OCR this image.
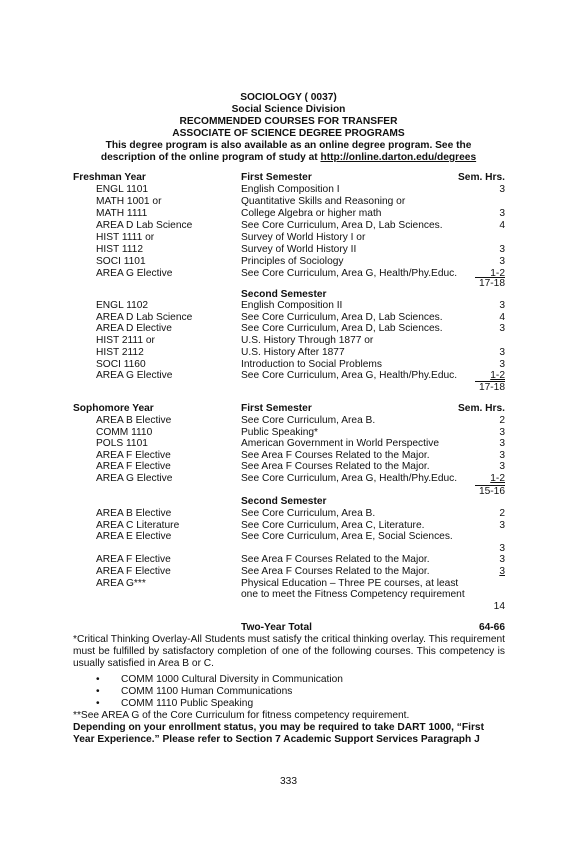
SOCIOLOGY ( 0037)
Social Science Division
RECOMMENDED COURSES FOR TRANSFER
ASSOCIATE OF SCIENCE DEGREE PROGRAMS
This degree program is also available as an online degree program. See the
description of the online program of study at http://online.darton.edu/degrees
Freshman Year	First Semester	Sem. Hrs.
ENGL 1101	English Composition I	3
MATH 1001 or	Quantitative Skills and Reasoning or
MATH 1111	College Algebra or higher math	3
AREA D Lab Science	See Core Curriculum, Area D, Lab Sciences.	4
HIST 1111 or	Survey of World History I or
HIST 1112	Survey of World History II	3
SOCI 1101	Principles of Sociology	3
AREA G Elective	See Core Curriculum, Area G, Health/Phy.Educ.	1-2
17-18
Second Semester
ENGL 1102	English Composition II	3
AREA D Lab Science	See Core Curriculum, Area D, Lab Sciences.	4
AREA D Elective	See Core Curriculum, Area D, Lab Sciences.	3
HIST 2111 or	U.S. History Through 1877 or
HIST 2112	U.S. History After 1877	3
SOCI 1160	Introduction to Social Problems	3
AREA G Elective	See Core Curriculum, Area G, Health/Phy.Educ.	1-2
17-18
Sophomore Year	First Semester	Sem. Hrs.
AREA B Elective	See Core Curriculum, Area B.	2
COMM 1110	Public Speaking*	3
POLS 1101	American Government in World Perspective	3
AREA F Elective	See Area F Courses Related to the Major.	3
AREA F Elective	See Area F Courses Related to the Major.	3
AREA G Elective	See Core Curriculum, Area G, Health/Phy.Educ.	1-2
15-16
Second Semester
AREA B Elective	See Core Curriculum, Area B.	2
AREA C Literature	See Core Curriculum, Area C, Literature.	3
AREA E Elective	See Core Curriculum, Area E, Social Sciences.
3
AREA F Elective	See Area F Courses Related to the Major.	3
AREA F Elective	See Area F Courses Related to the Major.	3
AREA G***	Physical Education – Three PE courses, at least
one to meet the Fitness Competency requirement
14
Two-Year Total	64-66
*Critical Thinking Overlay-All Students must satisfy the critical thinking overlay. This requirement must be fulfilled by satisfactory completion of one of the following courses. This competency is usually satisfied in Area B or C.
• COMM 1000 Cultural Diversity in Communication
• COMM 1100 Human Communications
• COMM 1110 Public Speaking
**See AREA G of the Core Curriculum for fitness competency requirement.
Depending on your enrollment status, you may be required to take DART 1000, “First
Year Experience.” Please refer to Section 7 Academic Support Services Paragraph J
333
